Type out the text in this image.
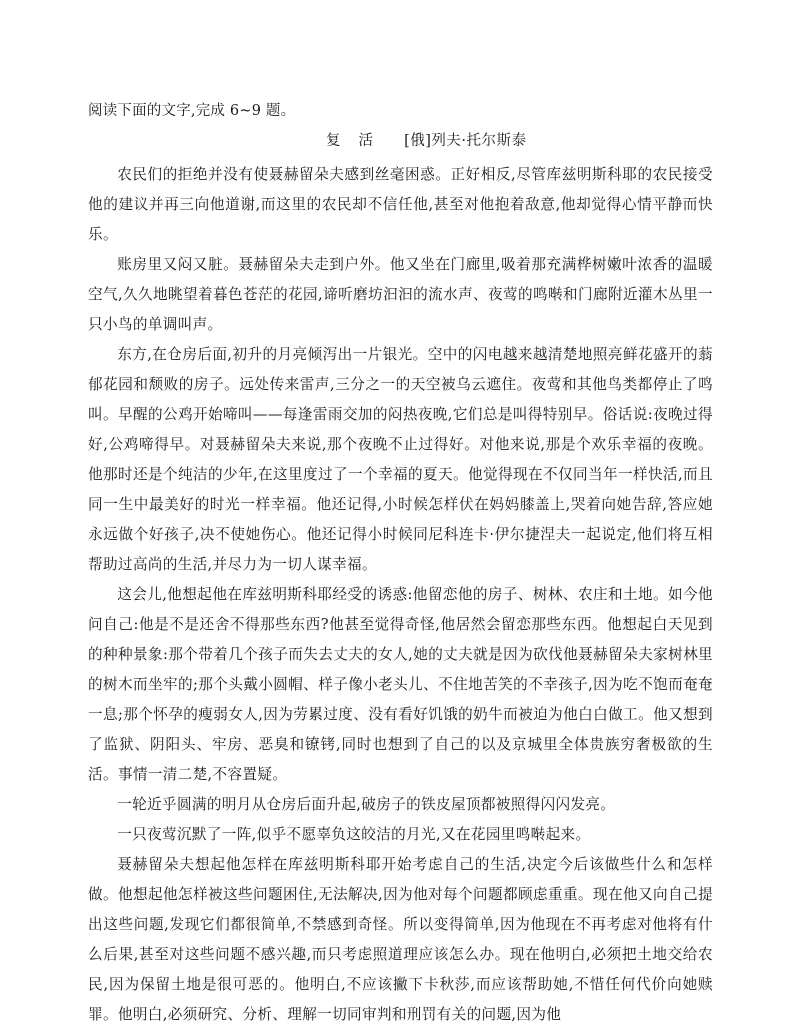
阅读下面的文字,完成 6~9 题。

复活 [俄]列夫·托尔斯泰

农民们的拒绝并没有使聂赫留朵夫感到丝毫困惑。正好相反,尽管库兹明斯科耶的农民接受他的建议并再三向他道谢,而这里的农民却不信任他,甚至对他抱着敌意,他却觉得心情平静而快乐。

账房里又闷又脏。聂赫留朵夫走到户外。他又坐在门廊里,吸着那充满桦树嫩叶浓香的温暖空气,久久地眺望着暮色苍茫的花园,谛听磨坊汩汩的流水声、夜莺的鸣啭和门廊附近灌木丛里一只小鸟的单调叫声。

东方,在仓房后面,初升的月亮倾泻出一片银光。空中的闪电越来越清楚地照亮鲜花盛开的蓊郁花园和颓败的房子。远处传来雷声,三分之一的天空被乌云遮住。夜莺和其他鸟类都停止了鸣叫。早醒的公鸡开始啼叫——每逢雷雨交加的闷热夜晚,它们总是叫得特别早。俗话说:夜晚过得好,公鸡啼得早。对聂赫留朵夫来说,那个夜晚不止过得好。对他来说,那是个欢乐幸福的夜晚。他那时还是个纯洁的少年,在这里度过了一个幸福的夏天。他觉得现在不仅同当年一样快活,而且同一生中最美好的时光一样幸福。他还记得,小时候怎样伏在妈妈膝盖上,哭着向她告辞,答应她永远做个好孩子,决不使她伤心。他还记得小时候同尼科连卡·伊尔捷涅夫一起说定,他们将互相帮助过高尚的生活,并尽力为一切人谋幸福。

这会儿,他想起他在库兹明斯科耶经受的诱惑:他留恋他的房子、树林、农庄和土地。如今他问自己:他是不是还舍不得那些东西?他甚至觉得奇怪,他居然会留恋那些东西。他想起白天见到的种种景象:那个带着几个孩子而失去丈夫的女人,她的丈夫就是因为砍伐他聂赫留朵夫家树林里的树木而坐牢的;那个头戴小圆帽、样子像小老头儿、不住地苦笑的不幸孩子,因为吃不饱而奄奄一息;那个怀孕的瘦弱女人,因为劳累过度、没有看好饥饿的奶牛而被迫为他白白做工。他又想到了监狱、阴阳头、牢房、恶臭和镣铐,同时也想到了自己的以及京城里全体贵族穷奢极欲的生活。事情一清二楚,不容置疑。

一轮近乎圆满的明月从仓房后面升起,破房子的铁皮屋顶都被照得闪闪发亮。

一只夜莺沉默了一阵,似乎不愿辜负这皎洁的月光,又在花园里鸣啭起来。

聂赫留朵夫想起他怎样在库兹明斯科耶开始考虑自己的生活,决定今后该做些什么和怎样做。他想起他怎样被这些问题困住,无法解决,因为他对每个问题都顾虑重重。现在他又向自己提出这些问题,发现它们都很简单,不禁感到奇怪。所以变得简单,因为他现在不再考虑对他将有什么后果,甚至对这些问题不感兴趣,而只考虑照道理应该怎么办。现在他明白,必须把土地交给农民,因为保留土地是很可恶的。他明白,不应该撇下卡秋莎,而应该帮助她,不惜任何代价向她赎罪。他明白,必须研究、分析、理解一切同审判和刑罚有关的问题,因为他
